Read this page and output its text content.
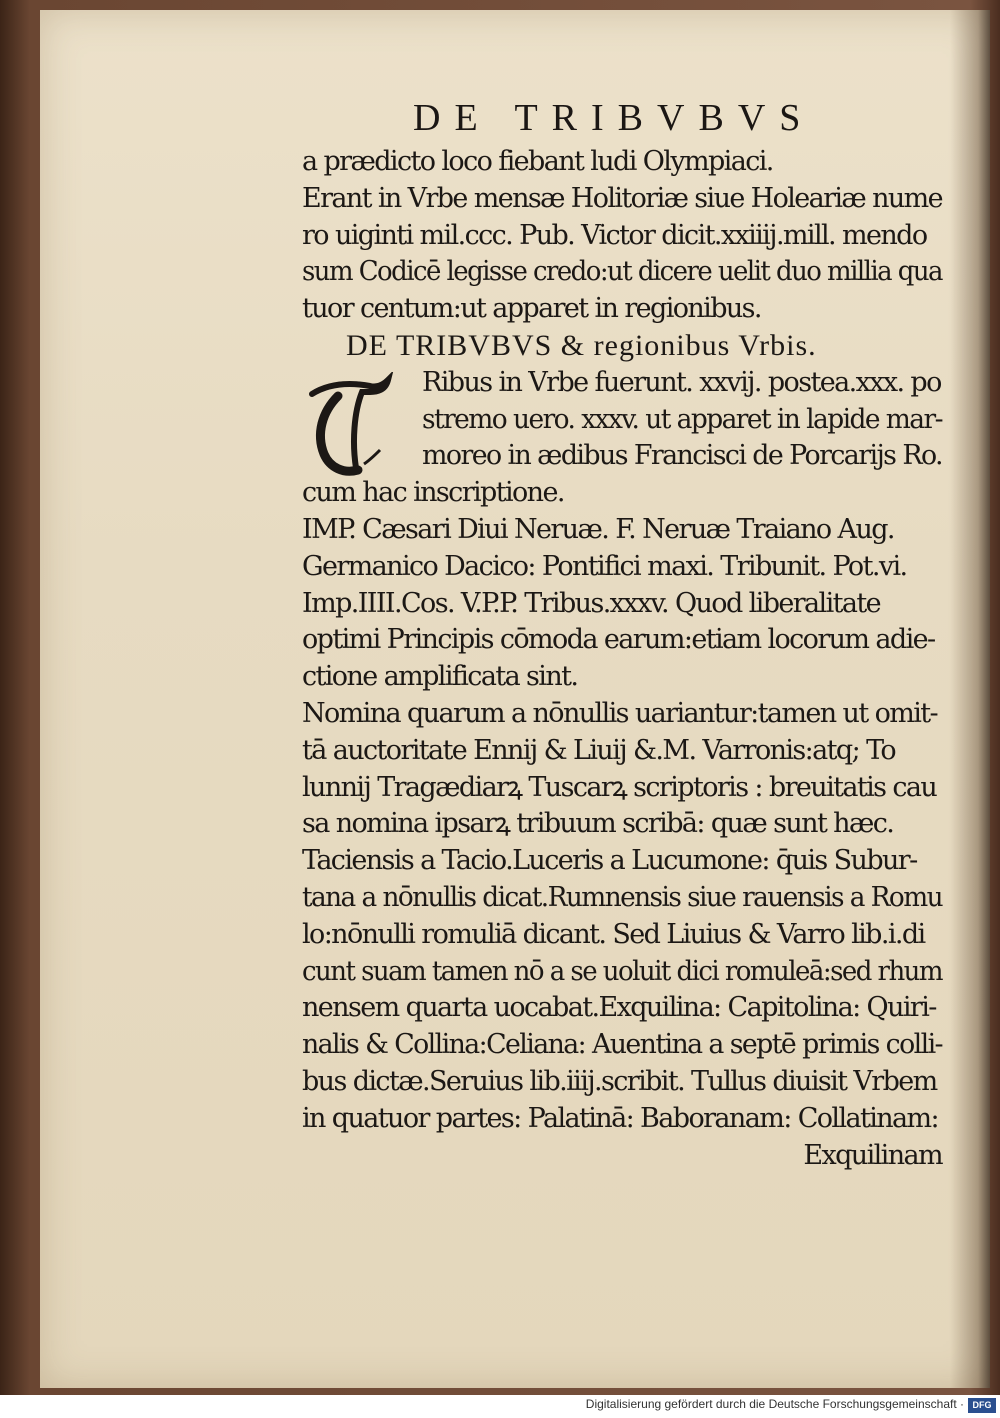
DE TRIBVBVS
a prædicto loco fiebant ludi Olympiaci.
Erant in Vrbe mensæ Holitoriæ siue Holeariæ nume
ro uiginti mil.ccc. Pub. Victor dicit.xxiiij.mill. mendo
sum Codicē legisse credo:ut dicere uelit duo millia qua
tuor centum:ut apparet in regionibus.
DE TRIBVBVS & regionibus Vrbis.
Ribus in Vrbe fuerunt. xxvij. postea.xxx. po
stremo uero. xxxv. ut apparet in lapide mar-
moreo in ædibus Francisci de Porcarijs Ro.
cum hac inscriptione.
IMP. Cæsari Diui Neruæ. F. Neruæ Traiano Aug.
Germanico Dacico: Pontifici maxi. Tribunit. Pot.vi.
Imp.IIII.Cos. V.P.P. Tribus.xxxv. Quod liberalitate
optimi Principis cōmoda earum:etiam locorum adie-
ctione amplificata sint.
Nomina quarum a nōnullis uariantur:tamen ut omit-
tā auctoritate Ennij & Liuij &.M. Varronis:atq; To
lunnij Tragædiarꝝ Tuscarꝝ scriptoris : breuitatis cau
sa nomina ipsarꝝ tribuum scribā: quæ sunt hæc.
Taciensis a Tacio.Luceris a Lucumone: q̄uis Subur-
tana a nōnullis dicat.Rumnensis siue rauensis a Romu
lo:nōnulli romuliā dicant. Sed Liuius & Varro lib.i.di
cunt suam tamen nō a se uoluit dici romuleā:sed rhum
nensem quarta uocabat.Exquilina: Capitolina: Quiri-
nalis & Collina:Celiana: Auentina a septē primis colli-
bus dictæ.Seruius lib.iiij.scribit. Tullus diuisit Vrbem
in quatuor partes: Palatinā: Baboranam: Collatinam:
Exquilinam
Digitalisierung gefördert durch die Deutsche Forschungsgemeinschaft · DFG
